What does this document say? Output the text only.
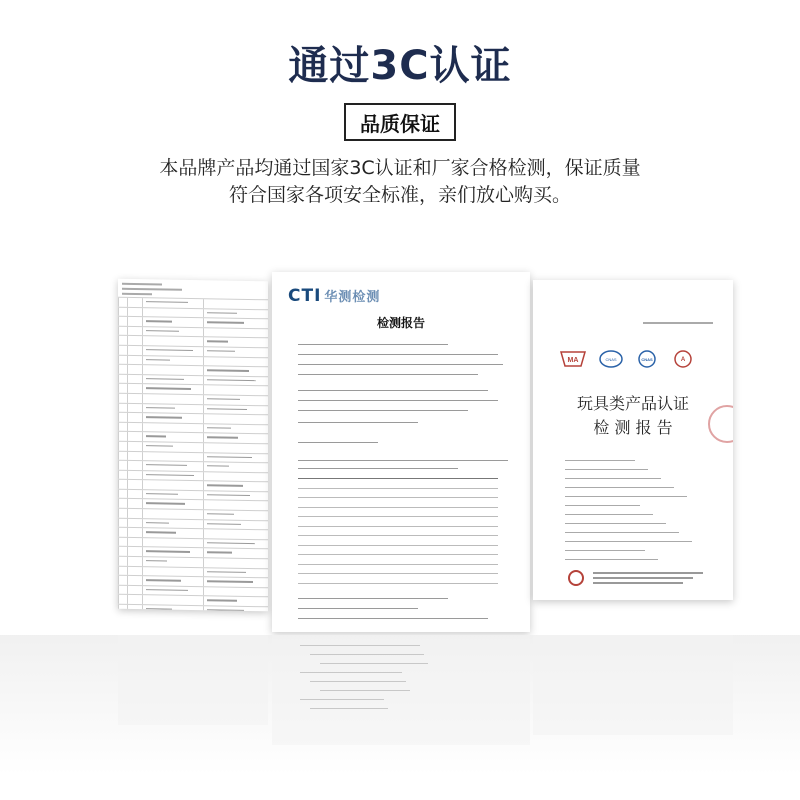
通过3C认证
品质保证
本品牌产品均通过国家3C认证和厂家合格检测，保证质量
符合国家各项安全标准，亲们放心购买。
CTI 华测检测
检测报告
MA	CNAS	CNAS	A
玩具类产品认证
检 测 报 告
